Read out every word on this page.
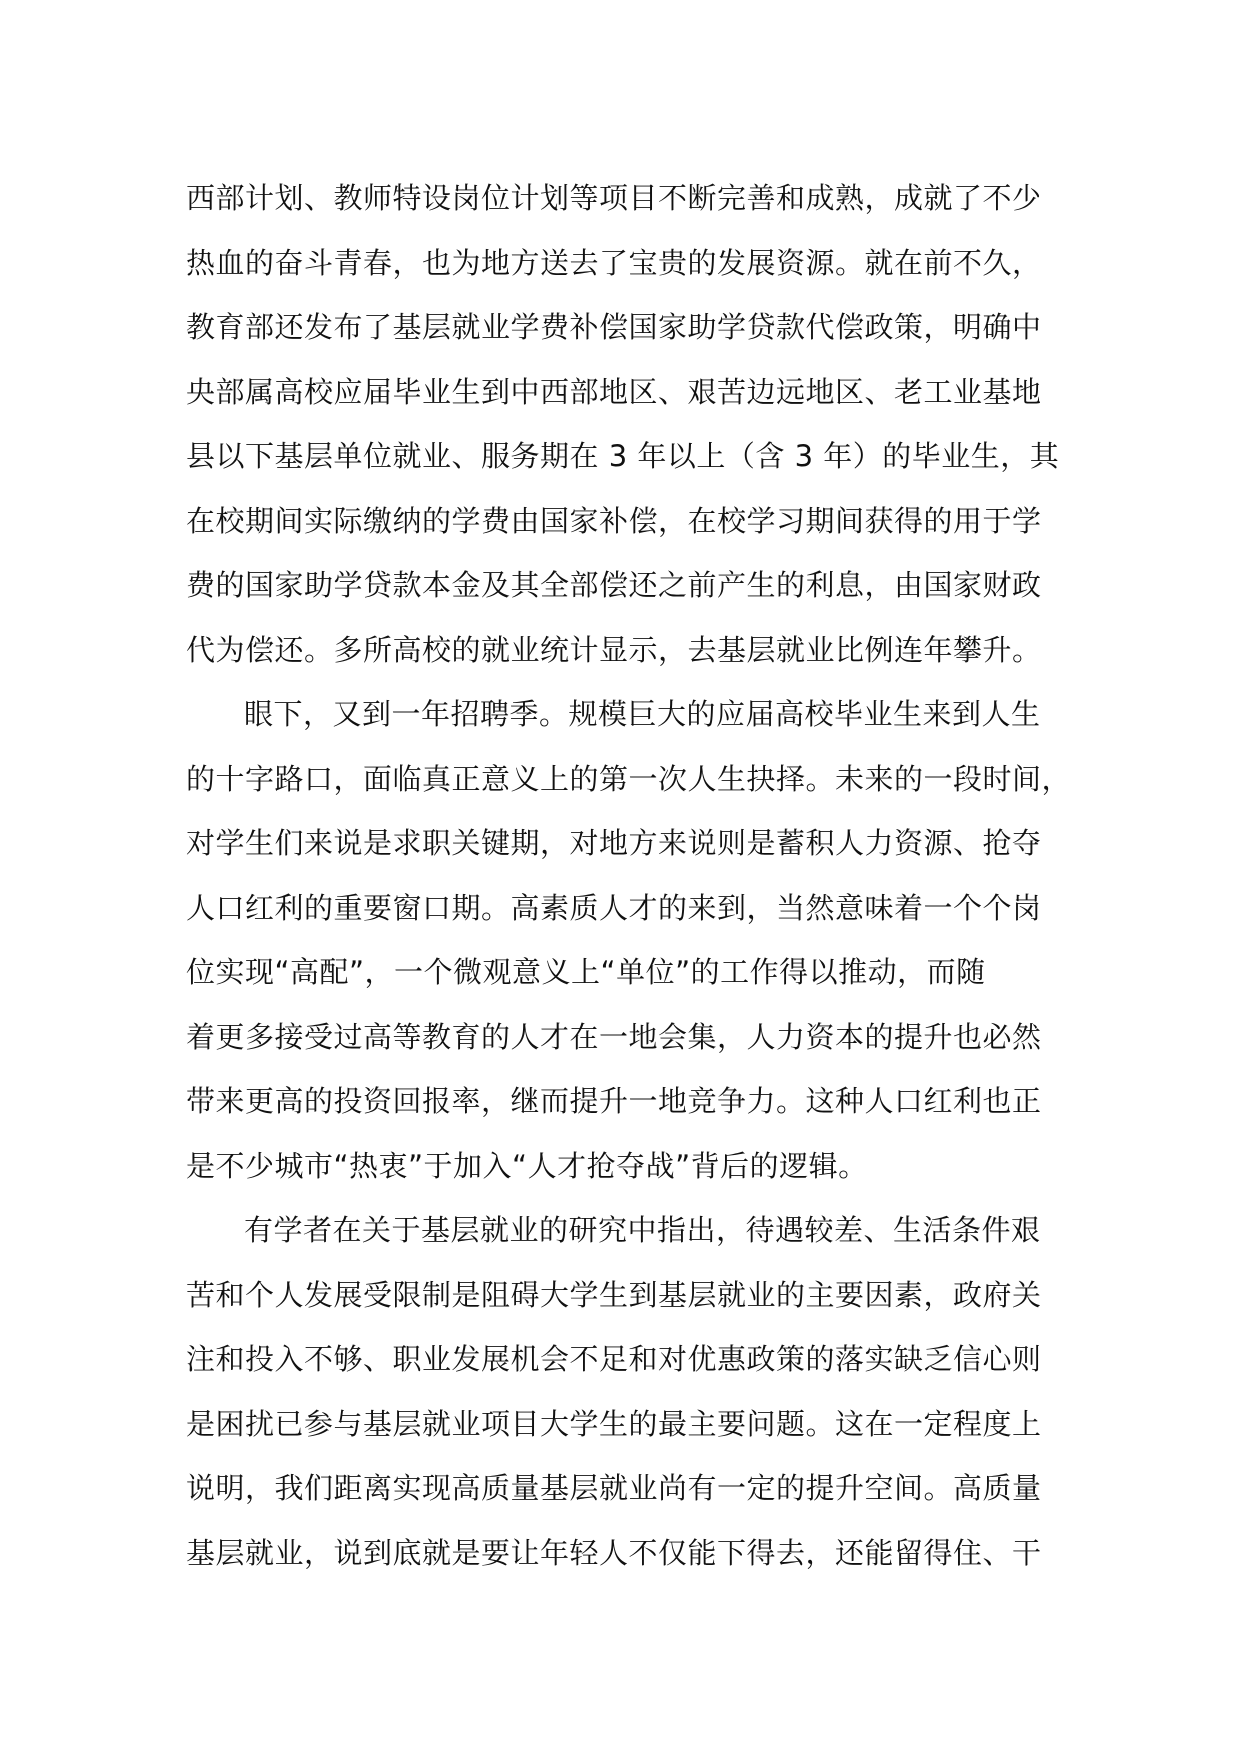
西部计划、教师特设岗位计划等项目不断完善和成熟，成就了不少
热血的奋斗青春，也为地方送去了宝贵的发展资源。就在前不久，
教育部还发布了基层就业学费补偿国家助学贷款代偿政策，明确中
央部属高校应届毕业生到中西部地区、艰苦边远地区、老工业基地
县以下基层单位就业、服务期在 3 年以上（含 3 年）的毕业生，其
在校期间实际缴纳的学费由国家补偿，在校学习期间获得的用于学
费的国家助学贷款本金及其全部偿还之前产生的利息，由国家财政
代为偿还。多所高校的就业统计显示，去基层就业比例连年攀升。
眼下，又到一年招聘季。规模巨大的应届高校毕业生来到人生
的十字路口，面临真正意义上的第一次人生抉择。未来的一段时间，
对学生们来说是求职关键期，对地方来说则是蓄积人力资源、抢夺
人口红利的重要窗口期。高素质人才的来到，当然意味着一个个岗
位实现“高配”，一个微观意义上“单位”的工作得以推动，而随
着更多接受过高等教育的人才在一地会集，人力资本的提升也必然
带来更高的投资回报率，继而提升一地竞争力。这种人口红利也正
是不少城市“热衷”于加入“人才抢夺战”背后的逻辑。
有学者在关于基层就业的研究中指出，待遇较差、生活条件艰
苦和个人发展受限制是阻碍大学生到基层就业的主要因素，政府关
注和投入不够、职业发展机会不足和对优惠政策的落实缺乏信心则
是困扰已参与基层就业项目大学生的最主要问题。这在一定程度上
说明，我们距离实现高质量基层就业尚有一定的提升空间。高质量
基层就业，说到底就是要让年轻人不仅能下得去，还能留得住、干
